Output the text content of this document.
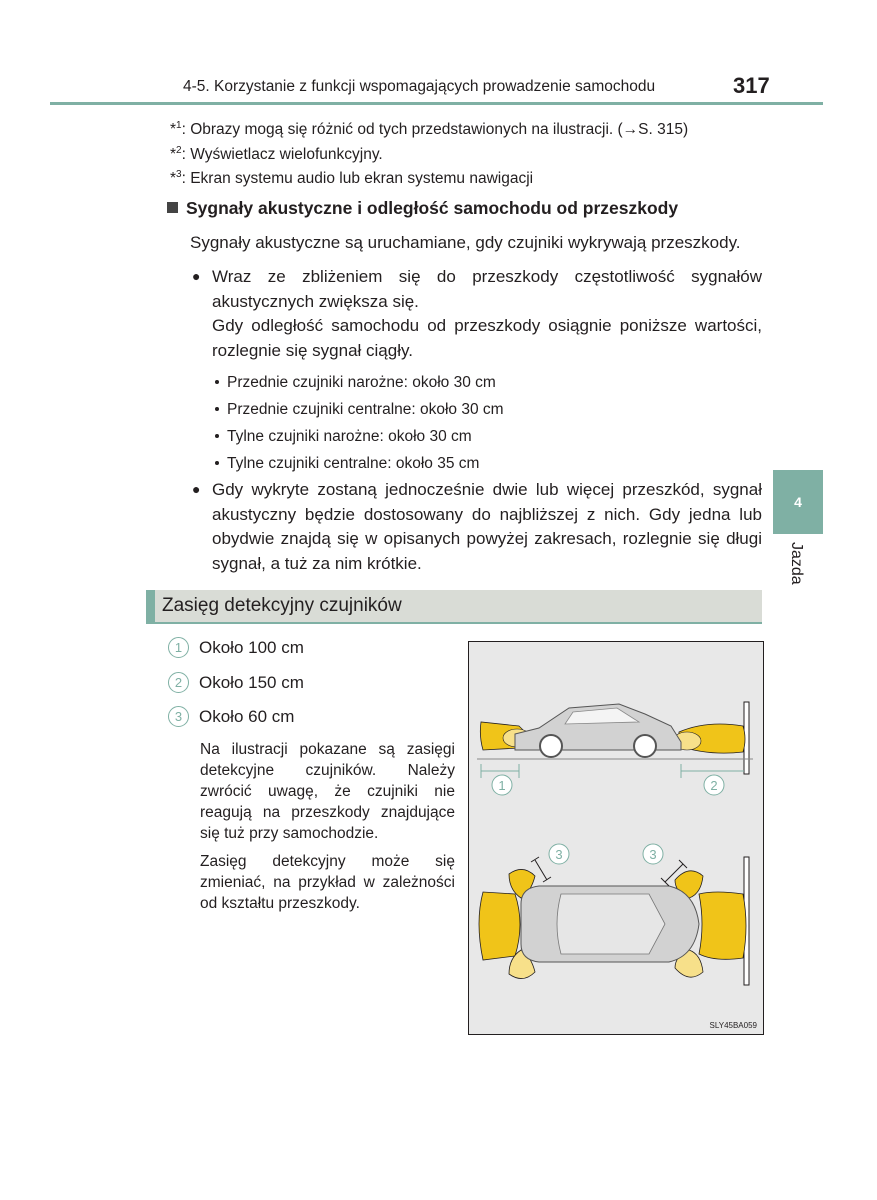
4-5. Korzystanie z funkcji wspomagających prowadzenie samochodu	317
*$^1$: Obrazy mogą się różnić od tych przedstawionych na ilustracji. (→S. 315)
*$^2$: Wyświetlacz wielofunkcyjny.
*$^3$: Ekran systemu audio lub ekran systemu nawigacji
Sygnały akustyczne i odległość samochodu od przeszkody
Sygnały akustyczne są uruchamiane, gdy czujniki wykrywają przeszkody.
● Wraz ze zbliżeniem się do przeszkody częstotliwość sygnałów akustycznych zwiększa się.
Gdy odległość samochodu od przeszkody osiągnie poniższe wartości, rozlegnie się sygnał ciągły.
Przednie czujniki narożne: około 30 cm
Przednie czujniki centralne: około 30 cm
Tylne czujniki narożne: około 30 cm
Tylne czujniki centralne: około 35 cm
● Gdy wykryte zostaną jednocześnie dwie lub więcej przeszkód, sygnał akustyczny będzie dostosowany do najbliższej z nich. Gdy jedna lub obydwie znajdą się w opisanych powyżej zakresach, rozlegnie się długi sygnał, a tuż za nim krótkie.
4
Jazda
Zasięg detekcyjny czujników
1 Około 100 cm
2 Około 150 cm
3 Około 60 cm
Na ilustracji pokazane są zasięgi detekcyjne czujników. Należy zwrócić uwagę, że czujniki nie reagują na przeszkody znajdujące się tuż przy samochodzie.
Zasięg detekcyjny może się zmieniać, na przykład w zależności od kształtu przeszkody.
1	2
3	3
SLY45BA059
